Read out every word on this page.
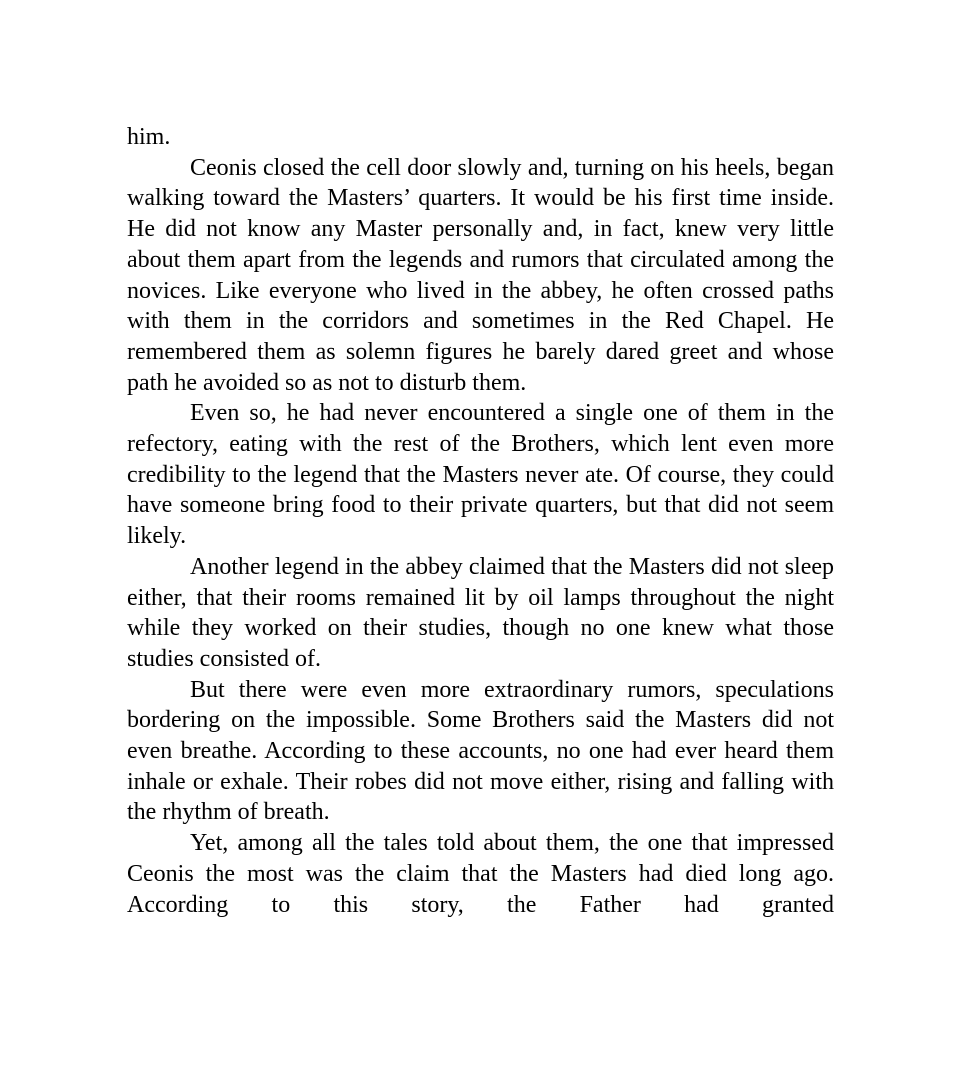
him.

Ceonis closed the cell door slowly and, turning on his heels, began walking toward the Masters’ quarters. It would be his first time inside. He did not know any Master personally and, in fact, knew very little about them apart from the legends and rumors that circulated among the novices. Like everyone who lived in the abbey, he often crossed paths with them in the corridors and sometimes in the Red Chapel. He remembered them as solemn figures he barely dared greet and whose path he avoided so as not to disturb them.

Even so, he had never encountered a single one of them in the refectory, eating with the rest of the Brothers, which lent even more credibility to the legend that the Masters never ate. Of course, they could have someone bring food to their private quarters, but that did not seem likely.

Another legend in the abbey claimed that the Masters did not sleep either, that their rooms remained lit by oil lamps throughout the night while they worked on their studies, though no one knew what those studies consisted of.

But there were even more extraordinary rumors, speculations bordering on the impossible. Some Brothers said the Masters did not even breathe. According to these accounts, no one had ever heard them inhale or exhale. Their robes did not move either, rising and falling with the rhythm of breath.

Yet, among all the tales told about them, the one that impressed Ceonis the most was the claim that the Masters had died long ago. According to this story, the Father had granted
